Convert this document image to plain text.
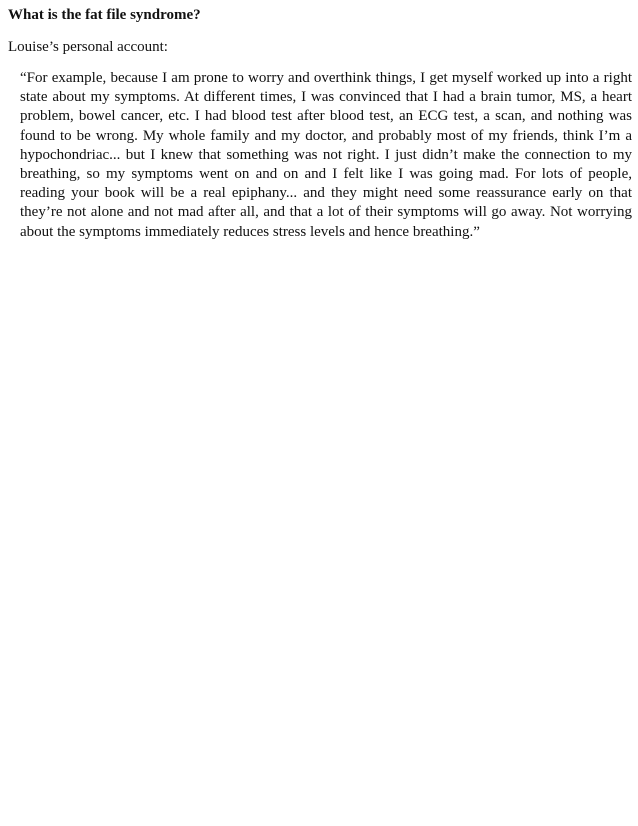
What is the fat file syndrome?

Louise’s personal account:

“For example, because I am prone to worry and overthink things, I get myself worked up into a right state about my symptoms. At different times, I was convinced that I had a brain tumor, MS, a heart problem, bowel cancer, etc. I had blood test after blood test, an ECG test, a scan, and nothing was found to be wrong. My whole family and my doctor, and probably most of my friends, think I’m a hypochondriac... but I knew that something was not right. I just didn’t make the connection to my breathing, so my symptoms went on and on and I felt like I was going mad. For lots of people, reading your book will be a real epiphany... and they might need some reassurance early on that they’re not alone and not mad after all, and that a lot of their symptoms will go away. Not worrying about the symptoms immediately reduces stress levels and hence breathing.”
